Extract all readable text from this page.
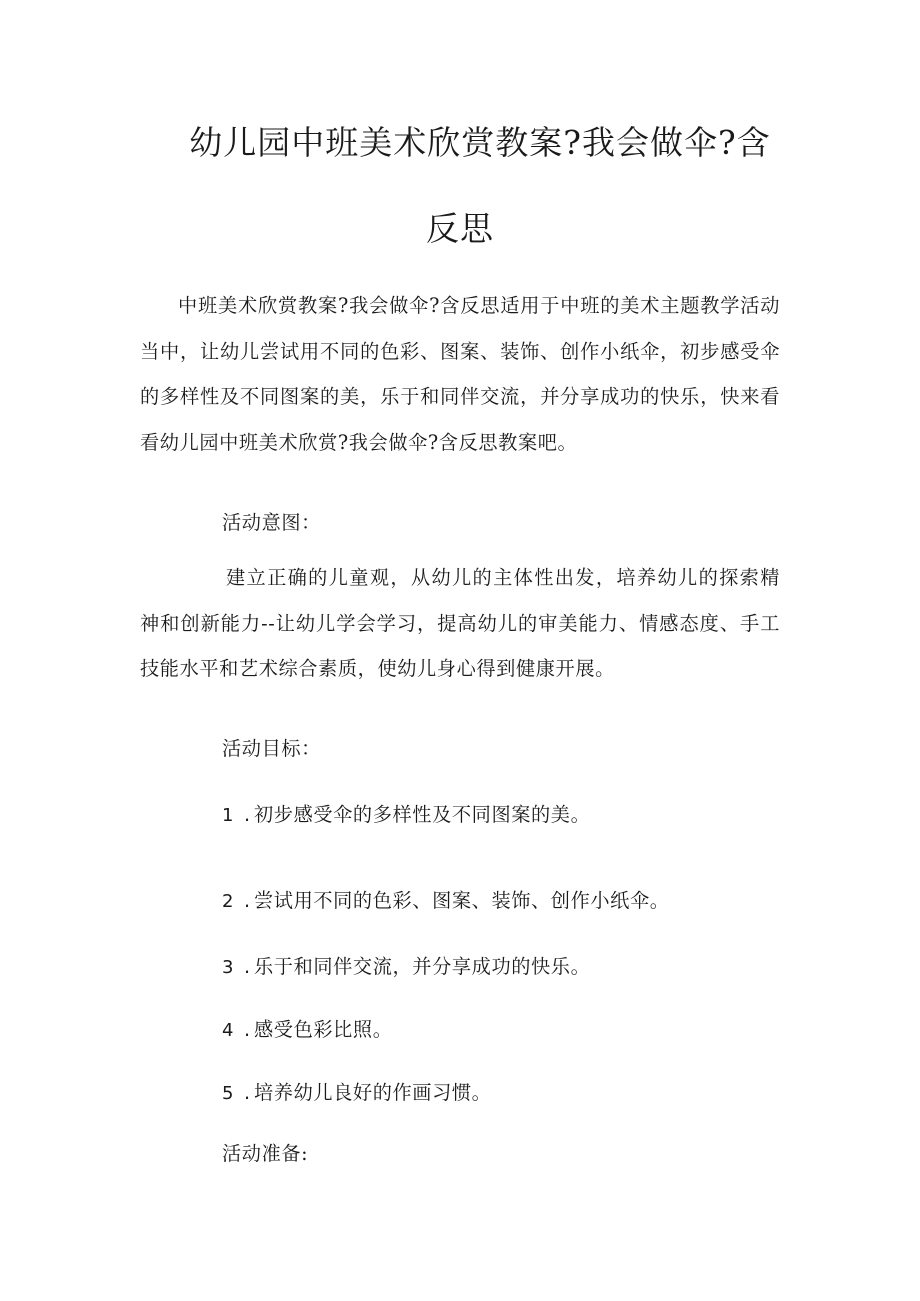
幼儿园中班美术欣赏教案?我会做伞?含
反思
中班美术欣赏教案?我会做伞?含反思适用于中班的美术主题教学活动当中，让幼儿尝试用不同的色彩、图案、装饰、创作小纸伞，初步感受伞的多样性及不同图案的美，乐于和同伴交流，并分享成功的快乐，快来看看幼儿园中班美术欣赏?我会做伞?含反思教案吧。
活动意图：
建立正确的儿童观，从幼儿的主体性出发，培养幼儿的探索精神和创新能力--让幼儿学会学习，提高幼儿的审美能力、情感态度、手工技能水平和艺术综合素质，使幼儿身心得到健康开展。
活动目标：
1 . 初步感受伞的多样性及不同图案的美。
2 . 尝试用不同的色彩、图案、装饰、创作小纸伞。
3 . 乐于和同伴交流，并分享成功的快乐。
4 . 感受色彩比照。
5 . 培养幼儿良好的作画习惯。
活动准备:
